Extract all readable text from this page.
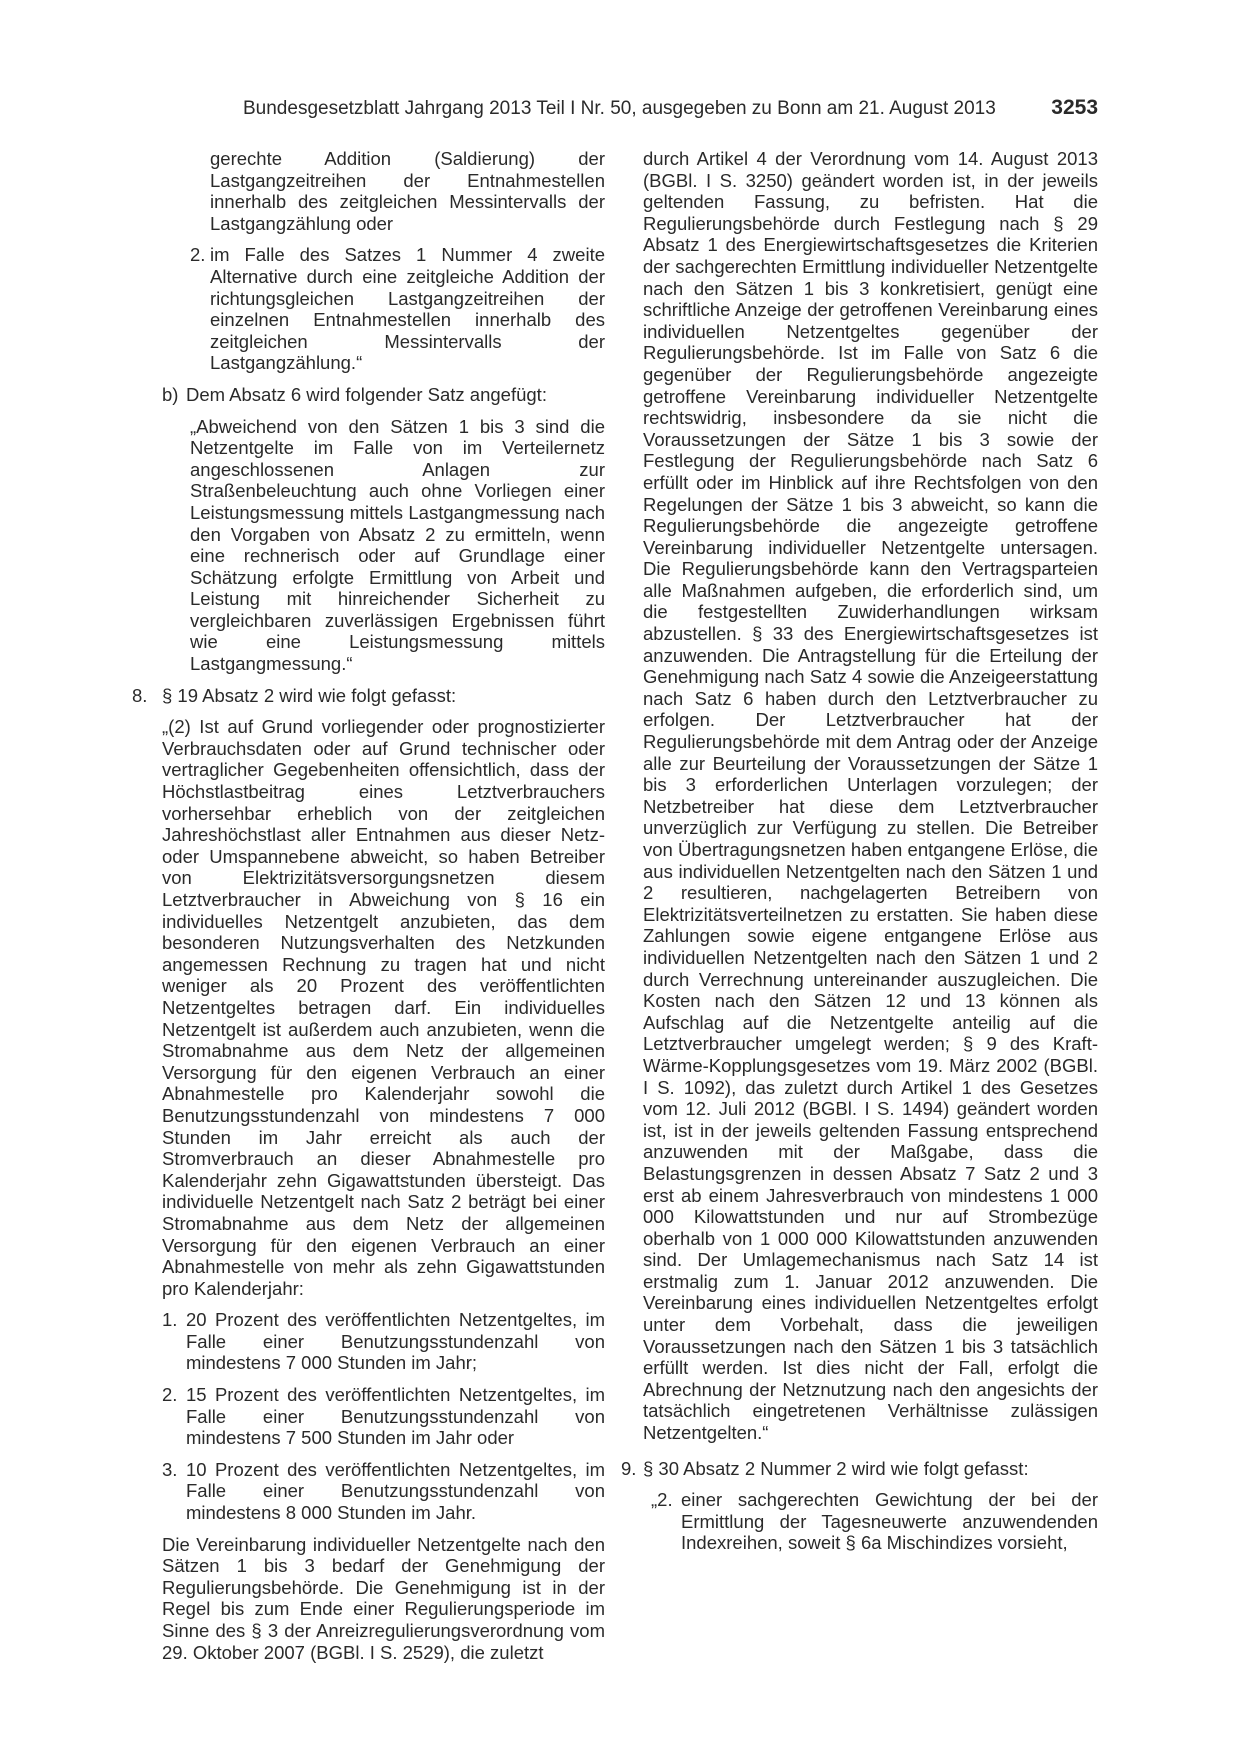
Bundesgesetzblatt Jahrgang 2013 Teil I Nr. 50, ausgegeben zu Bonn am 21. August 2013	3253

gerechte Addition (Saldierung) der Lastgangzeitreihen der Entnahmestellen innerhalb des zeitgleichen Messintervalls der Lastgangzählung oder

2. im Falle des Satzes 1 Nummer 4 zweite Alternative durch eine zeitgleiche Addition der richtungsgleichen Lastgangzeitreihen der einzelnen Entnahmestellen innerhalb des zeitgleichen Messintervalls der Lastgangzählung.“

b) Dem Absatz 6 wird folgender Satz angefügt:

„Abweichend von den Sätzen 1 bis 3 sind die Netzentgelte im Falle von im Verteilernetz angeschlossenen Anlagen zur Straßenbeleuchtung auch ohne Vorliegen einer Leistungsmessung mittels Lastgangmessung nach den Vorgaben von Absatz 2 zu ermitteln, wenn eine rechnerisch oder auf Grundlage einer Schätzung erfolgte Ermittlung von Arbeit und Leistung mit hinreichender Sicherheit zu vergleichbaren zuverlässigen Ergebnissen führt wie eine Leistungsmessung mittels Lastgangmessung.“

8. § 19 Absatz 2 wird wie folgt gefasst:

„(2) Ist auf Grund vorliegender oder prognostizierter Verbrauchsdaten oder auf Grund technischer oder vertraglicher Gegebenheiten offensichtlich, dass der Höchstlastbeitrag eines Letztverbrauchers vorhersehbar erheblich von der zeitgleichen Jahreshöchstlast aller Entnahmen aus dieser Netz- oder Umspannebene abweicht, so haben Betreiber von Elektrizitätsversorgungsnetzen diesem Letztverbraucher in Abweichung von § 16 ein individuelles Netzentgelt anzubieten, das dem besonderen Nutzungsverhalten des Netzkunden angemessen Rechnung zu tragen hat und nicht weniger als 20 Prozent des veröffentlichten Netzentgeltes betragen darf. Ein individuelles Netzentgelt ist außerdem auch anzubieten, wenn die Stromabnahme aus dem Netz der allgemeinen Versorgung für den eigenen Verbrauch an einer Abnahmestelle pro Kalenderjahr sowohl die Benutzungsstundenzahl von mindestens 7 000 Stunden im Jahr erreicht als auch der Stromverbrauch an dieser Abnahmestelle pro Kalenderjahr zehn Gigawattstunden übersteigt. Das individuelle Netzentgelt nach Satz 2 beträgt bei einer Stromabnahme aus dem Netz der allgemeinen Versorgung für den eigenen Verbrauch an einer Abnahmestelle von mehr als zehn Gigawattstunden pro Kalenderjahr:

1. 20 Prozent des veröffentlichten Netzentgeltes, im Falle einer Benutzungsstundenzahl von mindestens 7 000 Stunden im Jahr;

2. 15 Prozent des veröffentlichten Netzentgeltes, im Falle einer Benutzungsstundenzahl von mindestens 7 500 Stunden im Jahr oder

3. 10 Prozent des veröffentlichten Netzentgeltes, im Falle einer Benutzungsstundenzahl von mindestens 8 000 Stunden im Jahr.

Die Vereinbarung individueller Netzentgelte nach den Sätzen 1 bis 3 bedarf der Genehmigung der Regulierungsbehörde. Die Genehmigung ist in der Regel bis zum Ende einer Regulierungsperiode im Sinne des § 3 der Anreizregulierungsverordnung vom 29. Oktober 2007 (BGBl. I S. 2529), die zuletzt

durch Artikel 4 der Verordnung vom 14. August 2013 (BGBl. I S. 3250) geändert worden ist, in der jeweils geltenden Fassung, zu befristen. Hat die Regulierungsbehörde durch Festlegung nach § 29 Absatz 1 des Energiewirtschaftsgesetzes die Kriterien der sachgerechten Ermittlung individueller Netzentgelte nach den Sätzen 1 bis 3 konkretisiert, genügt eine schriftliche Anzeige der getroffenen Vereinbarung eines individuellen Netzentgeltes gegenüber der Regulierungsbehörde. Ist im Falle von Satz 6 die gegenüber der Regulierungsbehörde angezeigte getroffene Vereinbarung individueller Netzentgelte rechtswidrig, insbesondere da sie nicht die Voraussetzungen der Sätze 1 bis 3 sowie der Festlegung der Regulierungsbehörde nach Satz 6 erfüllt oder im Hinblick auf ihre Rechtsfolgen von den Regelungen der Sätze 1 bis 3 abweicht, so kann die Regulierungsbehörde die angezeigte getroffene Vereinbarung individueller Netzentgelte untersagen. Die Regulierungsbehörde kann den Vertragsparteien alle Maßnahmen aufgeben, die erforderlich sind, um die festgestellten Zuwiderhandlungen wirksam abzustellen. § 33 des Energiewirtschaftsgesetzes ist anzuwenden. Die Antragstellung für die Erteilung der Genehmigung nach Satz 4 sowie die Anzeigeerstattung nach Satz 6 haben durch den Letztverbraucher zu erfolgen. Der Letztverbraucher hat der Regulierungsbehörde mit dem Antrag oder der Anzeige alle zur Beurteilung der Voraussetzungen der Sätze 1 bis 3 erforderlichen Unterlagen vorzulegen; der Netzbetreiber hat diese dem Letztverbraucher unverzüglich zur Verfügung zu stellen. Die Betreiber von Übertragungsnetzen haben entgangene Erlöse, die aus individuellen Netzentgelten nach den Sätzen 1 und 2 resultieren, nachgelagerten Betreibern von Elektrizitätsverteilnetzen zu erstatten. Sie haben diese Zahlungen sowie eigene entgangene Erlöse aus individuellen Netzentgelten nach den Sätzen 1 und 2 durch Verrechnung untereinander auszugleichen. Die Kosten nach den Sätzen 12 und 13 können als Aufschlag auf die Netzentgelte anteilig auf die Letztverbraucher umgelegt werden; § 9 des Kraft-Wärme-Kopplungsgesetzes vom 19. März 2002 (BGBl. I S. 1092), das zuletzt durch Artikel 1 des Gesetzes vom 12. Juli 2012 (BGBl. I S. 1494) geändert worden ist, ist in der jeweils geltenden Fassung entsprechend anzuwenden mit der Maßgabe, dass die Belastungsgrenzen in dessen Absatz 7 Satz 2 und 3 erst ab einem Jahresverbrauch von mindestens 1 000 000 Kilowattstunden und nur auf Strombezüge oberhalb von 1 000 000 Kilowattstunden anzuwenden sind. Der Umlagemechanismus nach Satz 14 ist erstmalig zum 1. Januar 2012 anzuwenden. Die Vereinbarung eines individuellen Netzentgeltes erfolgt unter dem Vorbehalt, dass die jeweiligen Voraussetzungen nach den Sätzen 1 bis 3 tatsächlich erfüllt werden. Ist dies nicht der Fall, erfolgt die Abrechnung der Netznutzung nach den angesichts der tatsächlich eingetretenen Verhältnisse zulässigen Netzentgelten.“

9. § 30 Absatz 2 Nummer 2 wird wie folgt gefasst:

„2. einer sachgerechten Gewichtung der bei der Ermittlung der Tagesneuwerte anzuwendenden Indexreihen, soweit § 6a Mischindizes vorsieht,
